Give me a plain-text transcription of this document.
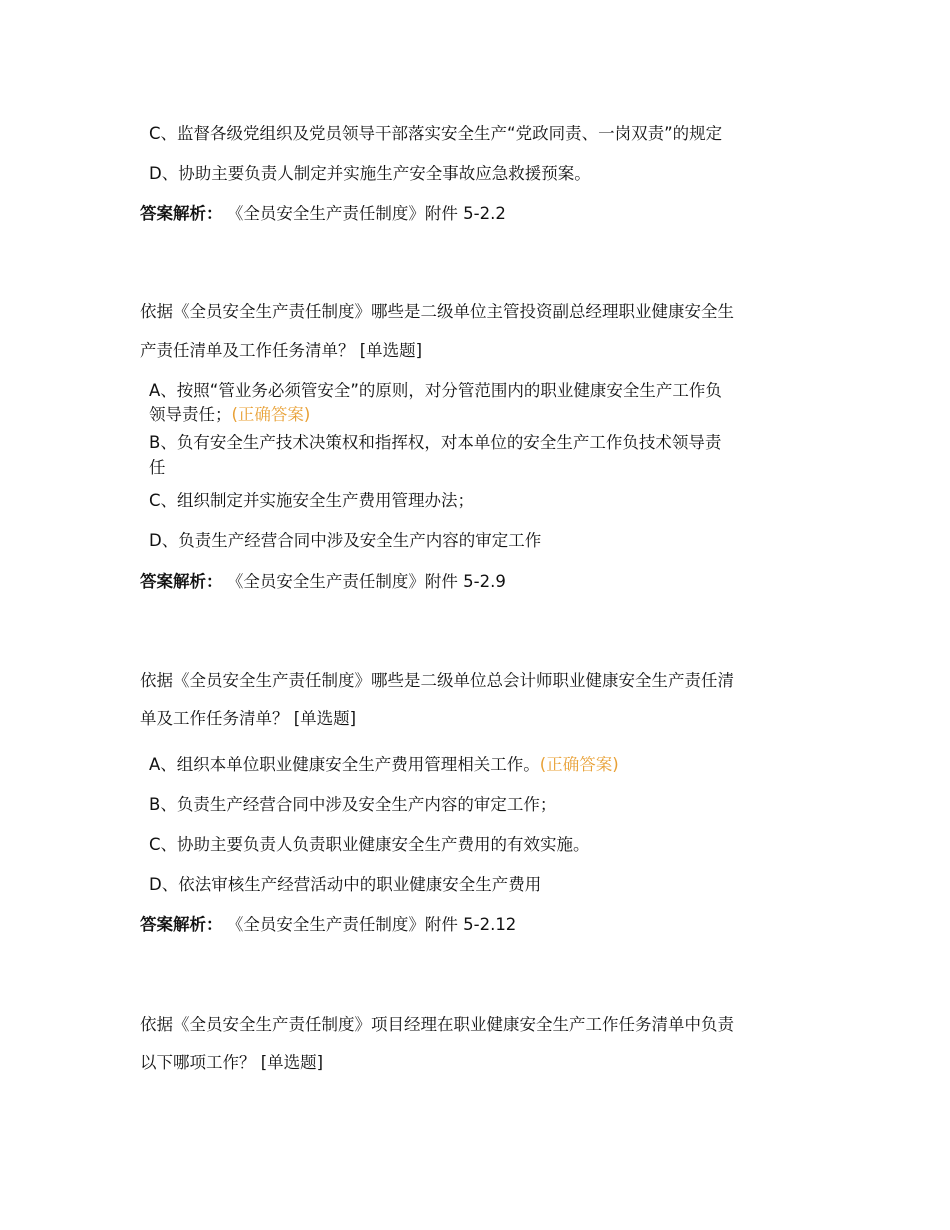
C、监督各级党组织及党员领导干部落实安全生产“党政同责、一岗双责”的规定
D、协助主要负责人制定并实施生产安全事故应急救援预案。
答案解析： 《全员安全生产责任制度》附件 5-2.2
依据《全员安全生产责任制度》哪些是二级单位主管投资副总经理职业健康安全生
产责任清单及工作任务清单？ [单选题]
A、按照“管业务必须管安全”的原则，对分管范围内的职业健康安全生产工作负
领导责任；(正确答案)
B、负有安全生产技术决策权和指挥权，对本单位的安全生产工作负技术领导责
任
C、组织制定并实施安全生产费用管理办法；
D、负责生产经营合同中涉及安全生产内容的审定工作
答案解析： 《全员安全生产责任制度》附件 5-2.9
依据《全员安全生产责任制度》哪些是二级单位总会计师职业健康安全生产责任清
单及工作任务清单？ [单选题]
A、组织本单位职业健康安全生产费用管理相关工作。(正确答案)
B、负责生产经营合同中涉及安全生产内容的审定工作；
C、协助主要负责人负责职业健康安全生产费用的有效实施。
D、依法审核生产经营活动中的职业健康安全生产费用
答案解析： 《全员安全生产责任制度》附件 5-2.12
依据《全员安全生产责任制度》项目经理在职业健康安全生产工作任务清单中负责
以下哪项工作？ [单选题]
